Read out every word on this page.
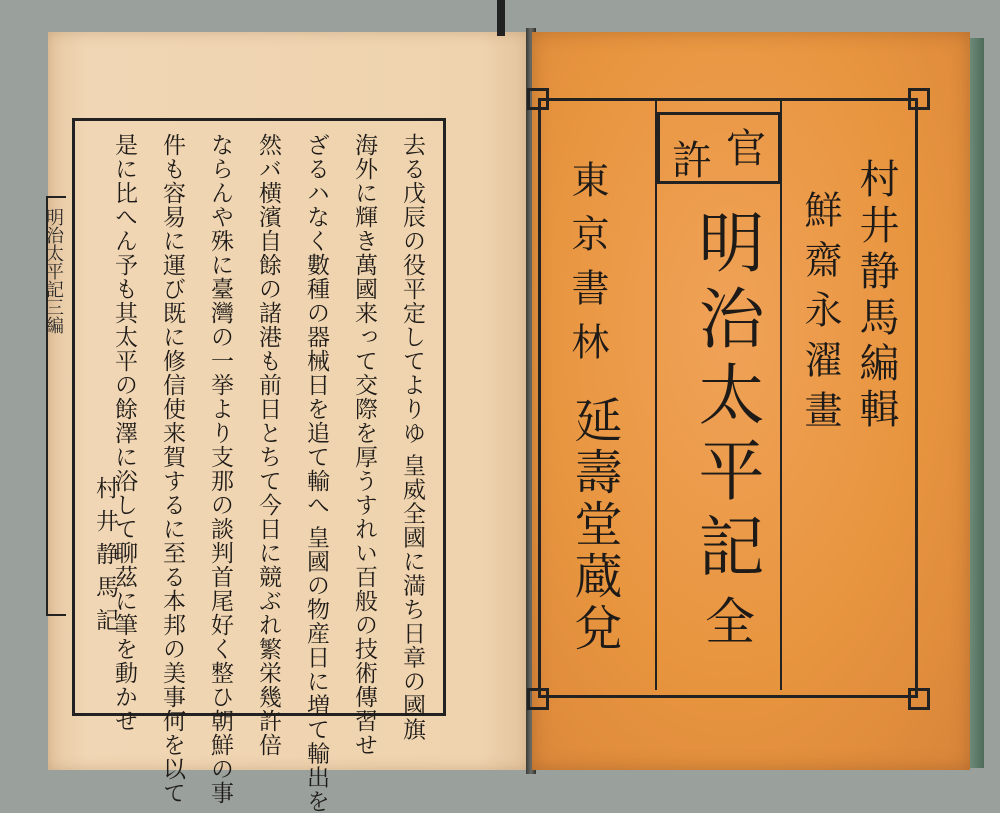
明治太平記三編	去る戊辰の役平定してよりゆ 皇威全國に満ち日章の國旗
海外に輝き萬國来って交際を厚うすれい百般の技術傳習せ
ざるハなく數種の器械日を追て輸へ 皇國の物産日に増て輸出を
然バ横濱自餘の諸港も前日とちて今日に競ぶれ繁栄幾許倍
ならんや殊に臺灣の一挙より支那の談判首尾好く整ひ朝鮮の事
件も容易に運び既に修信使来賀するに至る本邦の美事何を以て
是に比へん予も其太平の餘澤に浴して聊茲に筆を動かせ
村井静馬記
官
許	村井静馬編輯
鮮齋永濯畫
明治太平記
全
東京書林
延壽堂蔵兌
